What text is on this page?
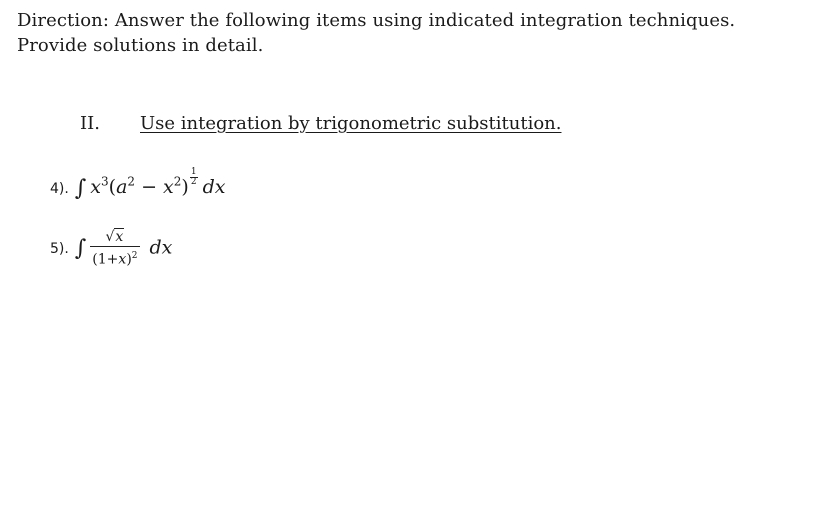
Direction: Answer the following items using indicated integration techniques.
Provide solutions in detail.
II. Use integration by trigonometric substitution.
4). ∫ $x^3(a^2 - x^2) \frac{1}{2}$ dx
5). ∫ $\frac{√x}{(1+x)^2}$ dx
